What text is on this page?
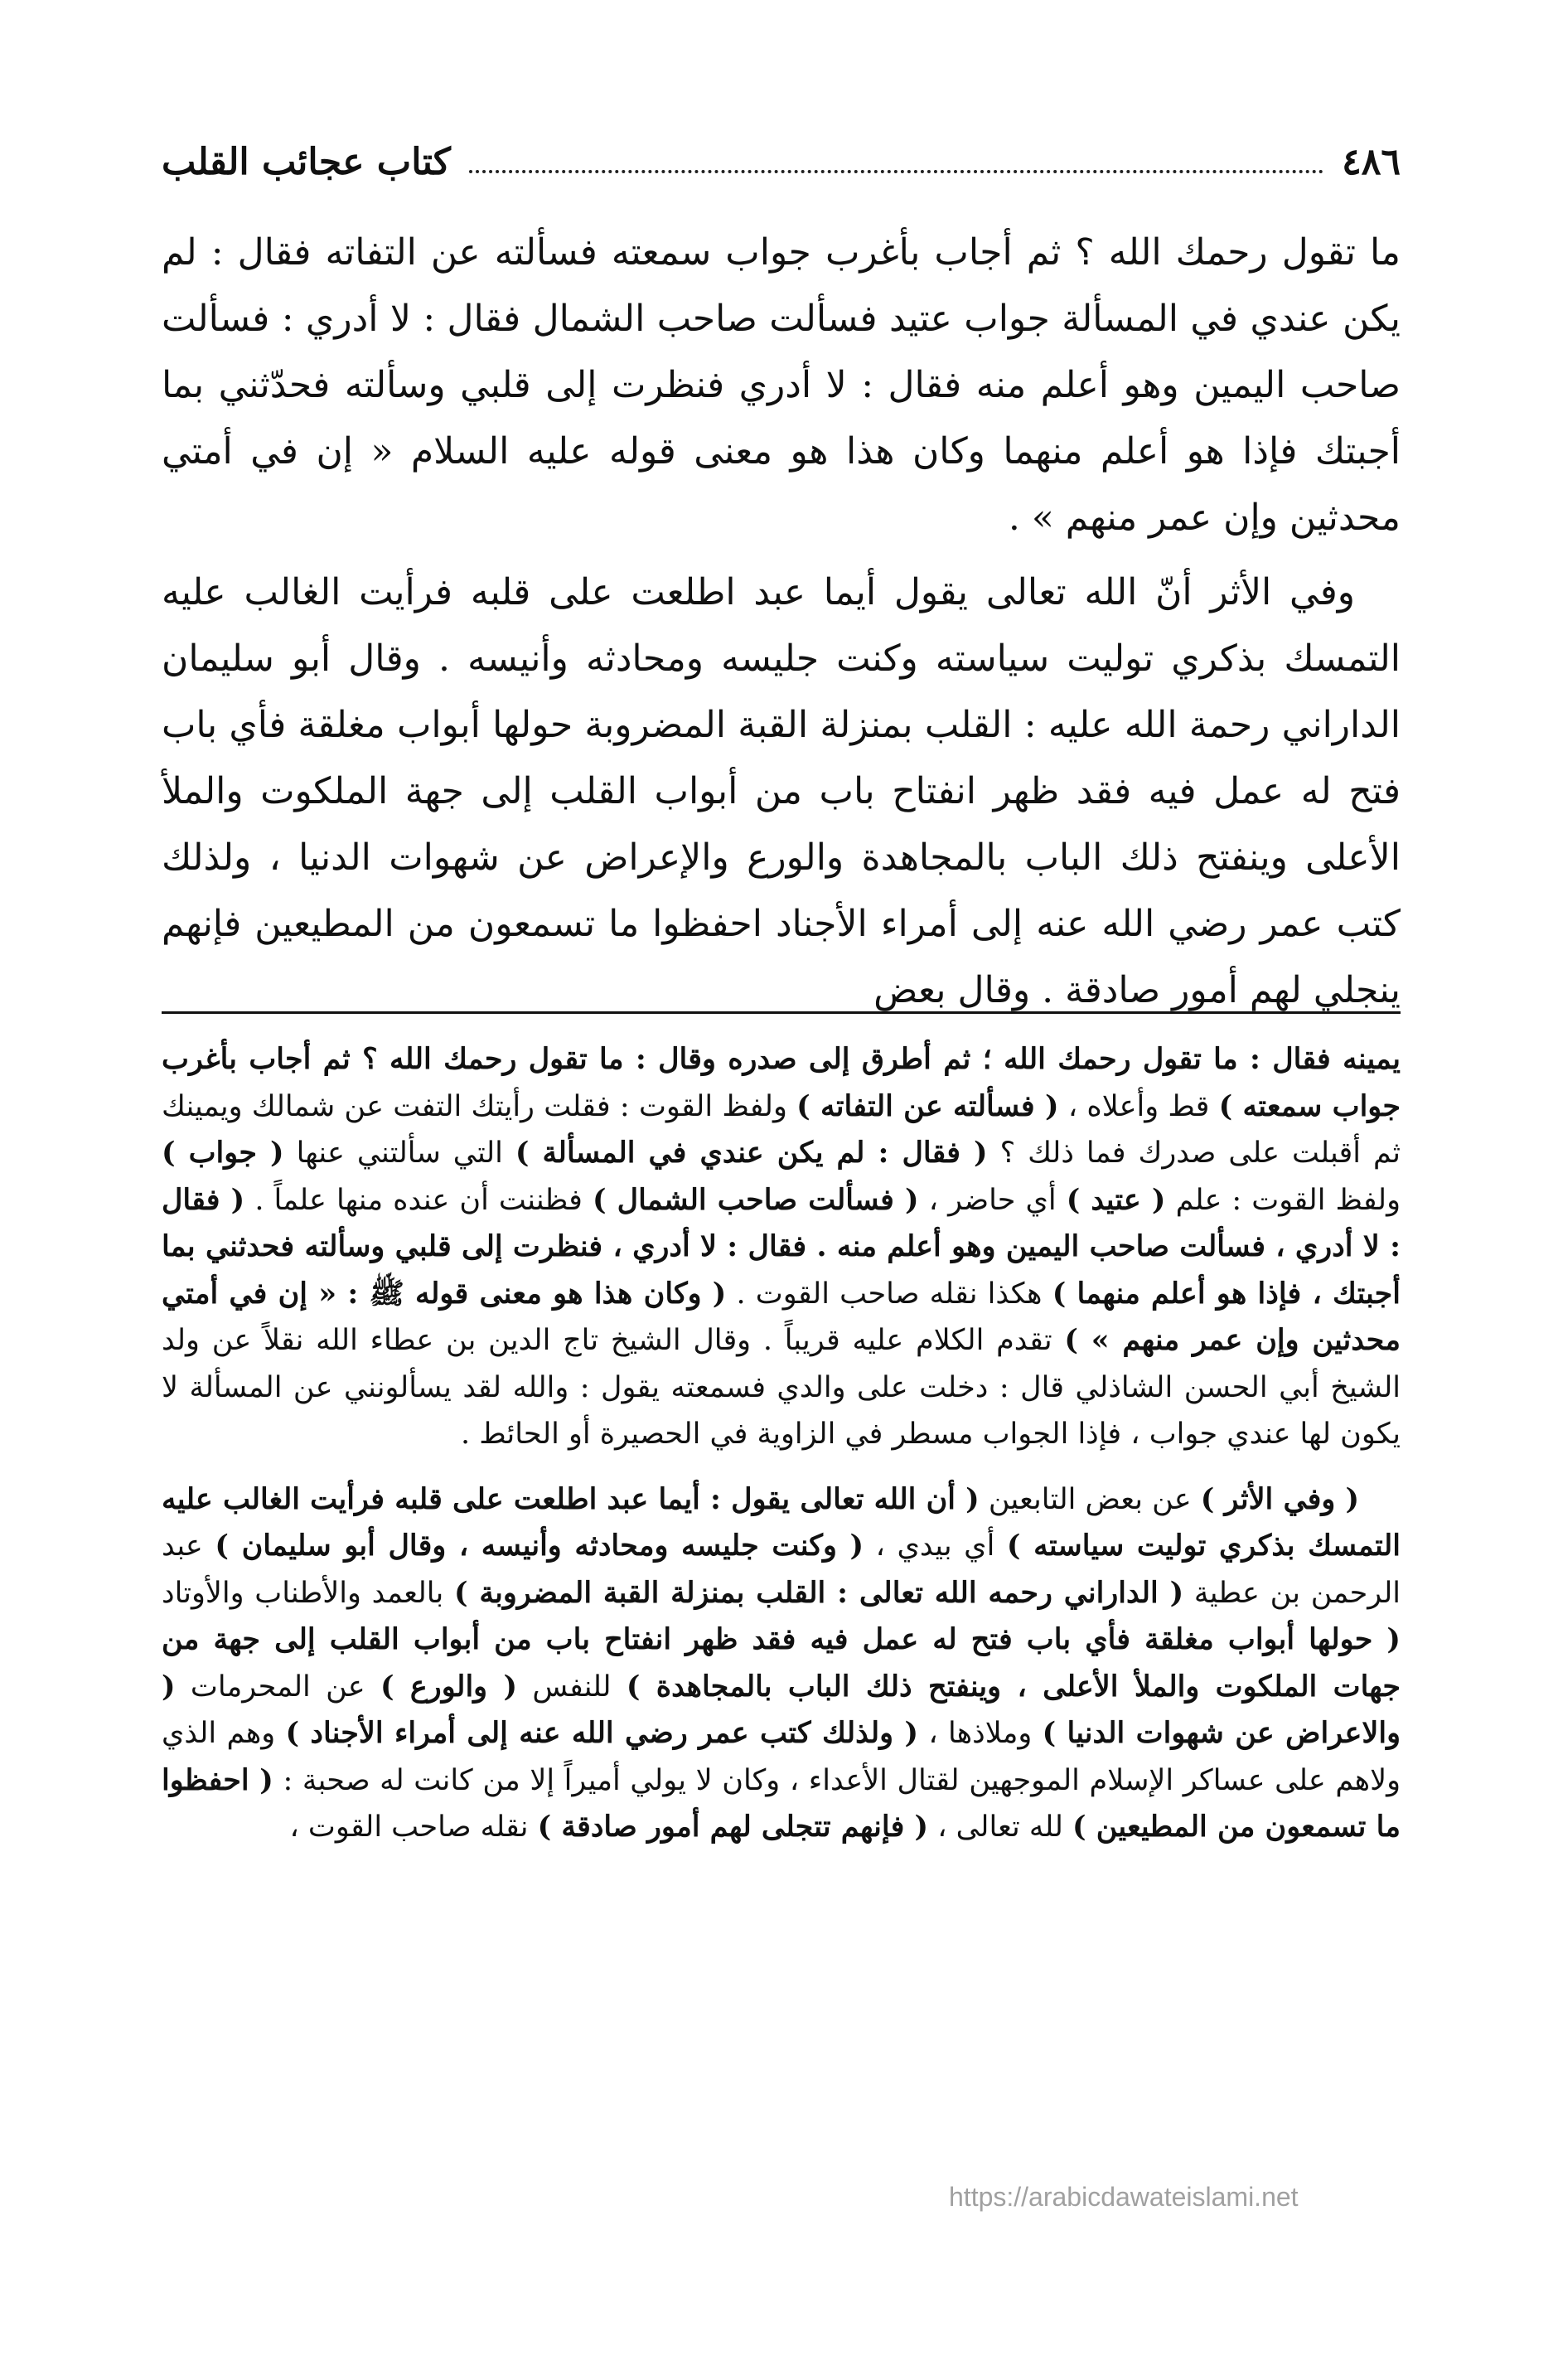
٤٨٦
كتاب عجائب القلب

ما تقول رحمك الله ؟ ثم أجاب بأغرب جواب سمعته فسألته عن التفاته فقال : لم يكن عندي في المسألة جواب عتيد فسألت صاحب الشمال فقال : لا أدري : فسألت صاحب اليمين وهو أعلم منه فقال : لا أدري فنظرت إلى قلبي وسألته فحدّثني بما أجبتك فإذا هو أعلم منهما وكان هذا هو معنى قوله عليه السلام « إن في أمتي محدثين وإن عمر منهم » .

وفي الأثر أنّ الله تعالى يقول أيما عبد اطلعت على قلبه فرأيت الغالب عليه التمسك بذكري توليت سياسته وكنت جليسه ومحادثه وأنيسه . وقال أبو سليمان الداراني رحمة الله عليه : القلب بمنزلة القبة المضروبة حولها أبواب مغلقة فأي باب فتح له عمل فيه فقد ظهر انفتاح باب من أبواب القلب إلى جهة الملكوت والملأ الأعلى وينفتح ذلك الباب بالمجاهدة والورع والإعراض عن شهوات الدنيا ، ولذلك كتب عمر رضي الله عنه إلى أمراء الأجناد احفظوا ما تسمعون من المطيعين فإنهم ينجلي لهم أمور صادقة . وقال بعض

يمينه فقال : ما تقول رحمك الله ؛ ثم أطرق إلى صدره وقال : ما تقول رحمك الله ؟ ثم أجاب بأغرب جواب سمعته ) قط وأعلاه ، ( فسألته عن التفاته ) ولفظ القوت : فقلت رأيتك التفت عن شمالك ويمينك ثم أقبلت على صدرك فما ذلك ؟ ( فقال : لم يكن عندي في المسألة ) التي سألتني عنها ( جواب ) ولفظ القوت : علم ( عتيد ) أي حاضر ، ( فسألت صاحب الشمال ) فظننت أن عنده منها علماً . ( فقال : لا أدري ، فسألت صاحب اليمين وهو أعلم منه . فقال : لا أدري ، فنظرت إلى قلبي وسألته فحدثني بما أجبتك ، فإذا هو أعلم منهما ) هكذا نقله صاحب القوت . ( وكان هذا هو معنى قوله ﷺ : « إن في أمتي محدثين وإن عمر منهم » ) تقدم الكلام عليه قريباً . وقال الشيخ تاج الدين بن عطاء الله نقلاً عن ولد الشيخ أبي الحسن الشاذلي قال : دخلت على والدي فسمعته يقول : والله لقد يسألونني عن المسألة لا يكون لها عندي جواب ، فإذا الجواب مسطر في الزاوية في الحصيرة أو الحائط .

( وفي الأثر ) عن بعض التابعين ( أن الله تعالى يقول : أيما عبد اطلعت على قلبه فرأيت الغالب عليه التمسك بذكري توليت سياسته ) أي بيدي ، ( وكنت جليسه ومحادثه وأنيسه ، وقال أبو سليمان ) عبد الرحمن بن عطية ( الداراني رحمه الله تعالى : القلب بمنزلة القبة المضروبة ) بالعمد والأطناب والأوتاد ( حولها أبواب مغلقة فأي باب فتح له عمل فيه فقد ظهر انفتاح باب من أبواب القلب إلى جهة من جهات الملكوت والملأ الأعلى ، وينفتح ذلك الباب بالمجاهدة ) للنفس ( والورع ) عن المحرمات ( والاعراض عن شهوات الدنيا ) وملاذها ، ( ولذلك كتب عمر رضي الله عنه إلى أمراء الأجناد ) وهم الذي ولاهم على عساكر الإسلام الموجهين لقتال الأعداء ، وكان لا يولي أميراً إلا من كانت له صحبة : ( احفظوا ما تسمعون من المطيعين ) لله تعالى ، ( فإنهم تتجلى لهم أمور صادقة ) نقله صاحب القوت ،

https://arabicdawateislami.net
